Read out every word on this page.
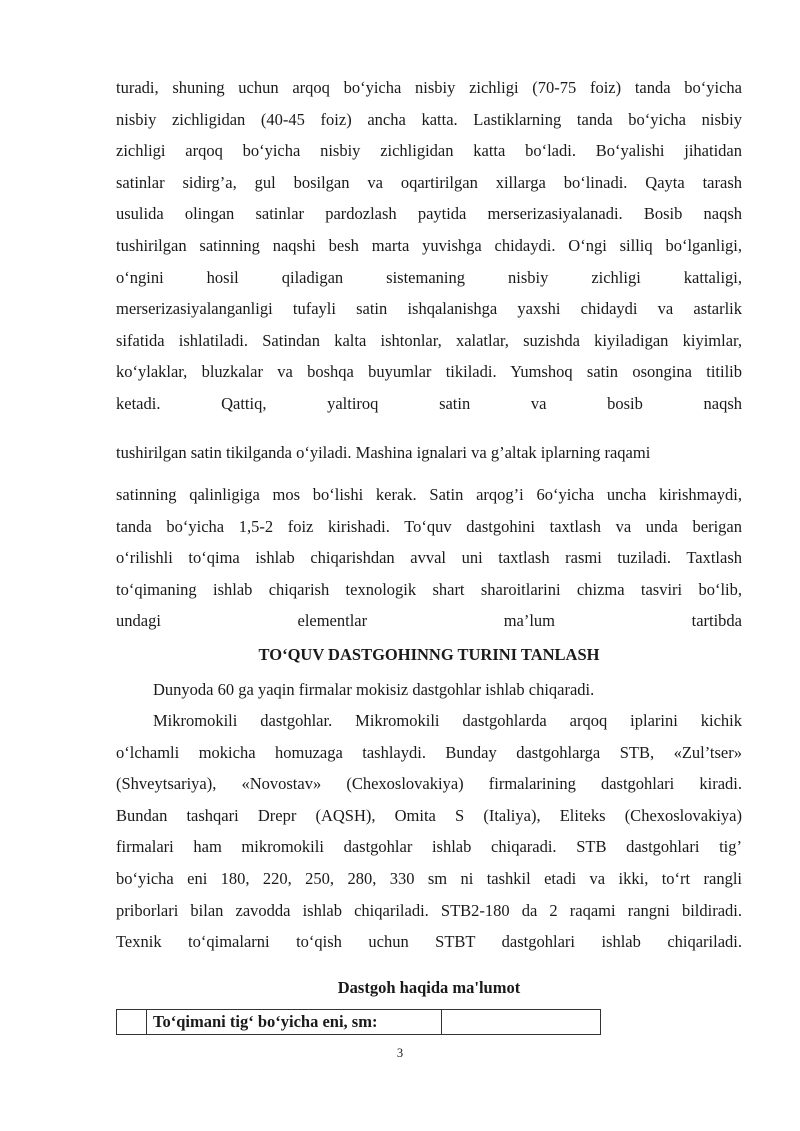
turadi, shuning uchun arqoq bo‘yicha nisbiy zichligi (70-75 foiz) tanda bo‘yicha
nisbiy zichligidan (40-45 foiz) ancha katta. Lastiklarning tanda bo‘yicha nisbiy
zichligi arqoq bo‘yicha nisbiy zichligidan katta bo‘ladi. Bo‘yalishi jihatidan
satinlar sidirg’a, gul bosilgan va oqartirilgan xillarga bo‘linadi. Qayta tarash
usulida olingan satinlar pardozlash paytida merserizasiyalanadi. Bosib naqsh
tushirilgan satinning naqshi besh marta yuvishga chidaydi. O‘ngi silliq bo‘lganligi,
o‘ngini hosil qiladigan sistemaning nisbiy zichligi kattaligi,
merserizasiyalanganligi tufayli satin ishqalanishga yaxshi chidaydi va astarlik
sifatida ishlatiladi. Satindan kalta ishtonlar, xalatlar, suzishda kiyiladigan kiyimlar,
ko‘ylaklar, bluzkalar va boshqa buyumlar tikiladi. Yumshoq satin osongina titilib
ketadi. Qattiq, yaltiroq satin va bosib naqsh

tushirilgan satin tikilganda o‘yiladi. Mashina ignalari va g’altak iplarning raqami

satinning qalinligiga mos bo‘lishi kerak. Satin arqog’i 6o‘yicha uncha kirishmaydi,
tanda bo‘yicha 1,5-2 foiz kirishadi. To‘quv dastgohini taxtlash va unda berigan
o‘rilishli to‘qima ishlab chiqarishdan avval uni taxtlash rasmi tuziladi. Taxtlash
to‘qimaning ishlab chiqarish texnologik shart sharoitlarini chizma tasviri bo‘lib,
undagi elementlar ma’lum tartibda

TO‘QUV DASTGOHINNG TURINI TANLASH

Dunyoda 60 ga yaqin firmalar mokisiz dastgohlar ishlab chiqaradi.

Mikromokili dastgohlar. Mikromokili dastgohlarda arqoq iplarini kichik
o‘lchamli mokicha homuzaga tashlaydi. Bunday dastgohlarga STB, «Zul’tser»
(Shveytsariya), «Novostav» (Chexoslovakiya) firmalarining dastgohlari kiradi.
Bundan tashqari Drepr (AQSH), Omita S (Italiya), Eliteks (Chexoslovakiya)
firmalari ham mikromokili dastgohlar ishlab chiqaradi. STB dastgohlari tig’
bo‘yicha eni 180, 220, 250, 280, 330 sm ni tashkil etadi va ikki, to‘rt rangli
priborlari bilan zavodda ishlab chiqariladi. STB2-180 da 2 raqami rangni bildiradi.
Texnik to‘qimalarni to‘qish uchun STBT dastgohlari ishlab chiqariladi.

Dastgoh haqida ma'lumot
	To‘qimani tig‘ bo‘yicha eni, sm:	
3
